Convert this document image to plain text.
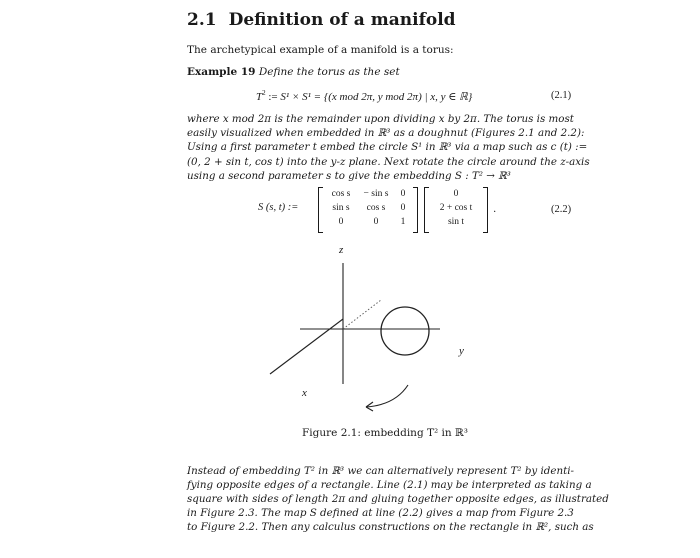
2.1 Definition of a manifold
The archetypical example of a manifold is a torus:
Example 19 Define the torus as the set
$T^2$ := S¹ × S¹ = {(x mod 2π, y mod 2π) | x, y ∈ ℝ}	(2.1)

where x mod 2π is the remainder upon dividing x by 2π. The torus is most

easily visualized when embedded in ℝ³ as a doughnut (Figures 2.1 and 2.2):

Using a first parameter t embed the circle S¹ in ℝ³ via a map such as c (t) :=

(0, 2 + sin t, cos t) into the y-z plane. Next rotate the circle around the z-axis

using a second parameter s to give the embedding S : T² → ℝ³

S (s, t) :=
cos s	− sin s	0
sin s	cos s	0
0	0	1
0
2 + cos t
sin t
.	(2.2)
z
y
x
Figure 2.1: embedding T² in ℝ³

Instead of embedding T² in ℝ³ we can alternatively represent T² by identi-

fying opposite edges of a rectangle. Line (2.1) may be interpreted as taking a

square with sides of length 2π and gluing together opposite edges, as illustrated

in Figure 2.3. The map S defined at line (2.2) gives a map from Figure 2.3

to Figure 2.2. Then any calculus constructions on the rectangle in ℝ², such as
